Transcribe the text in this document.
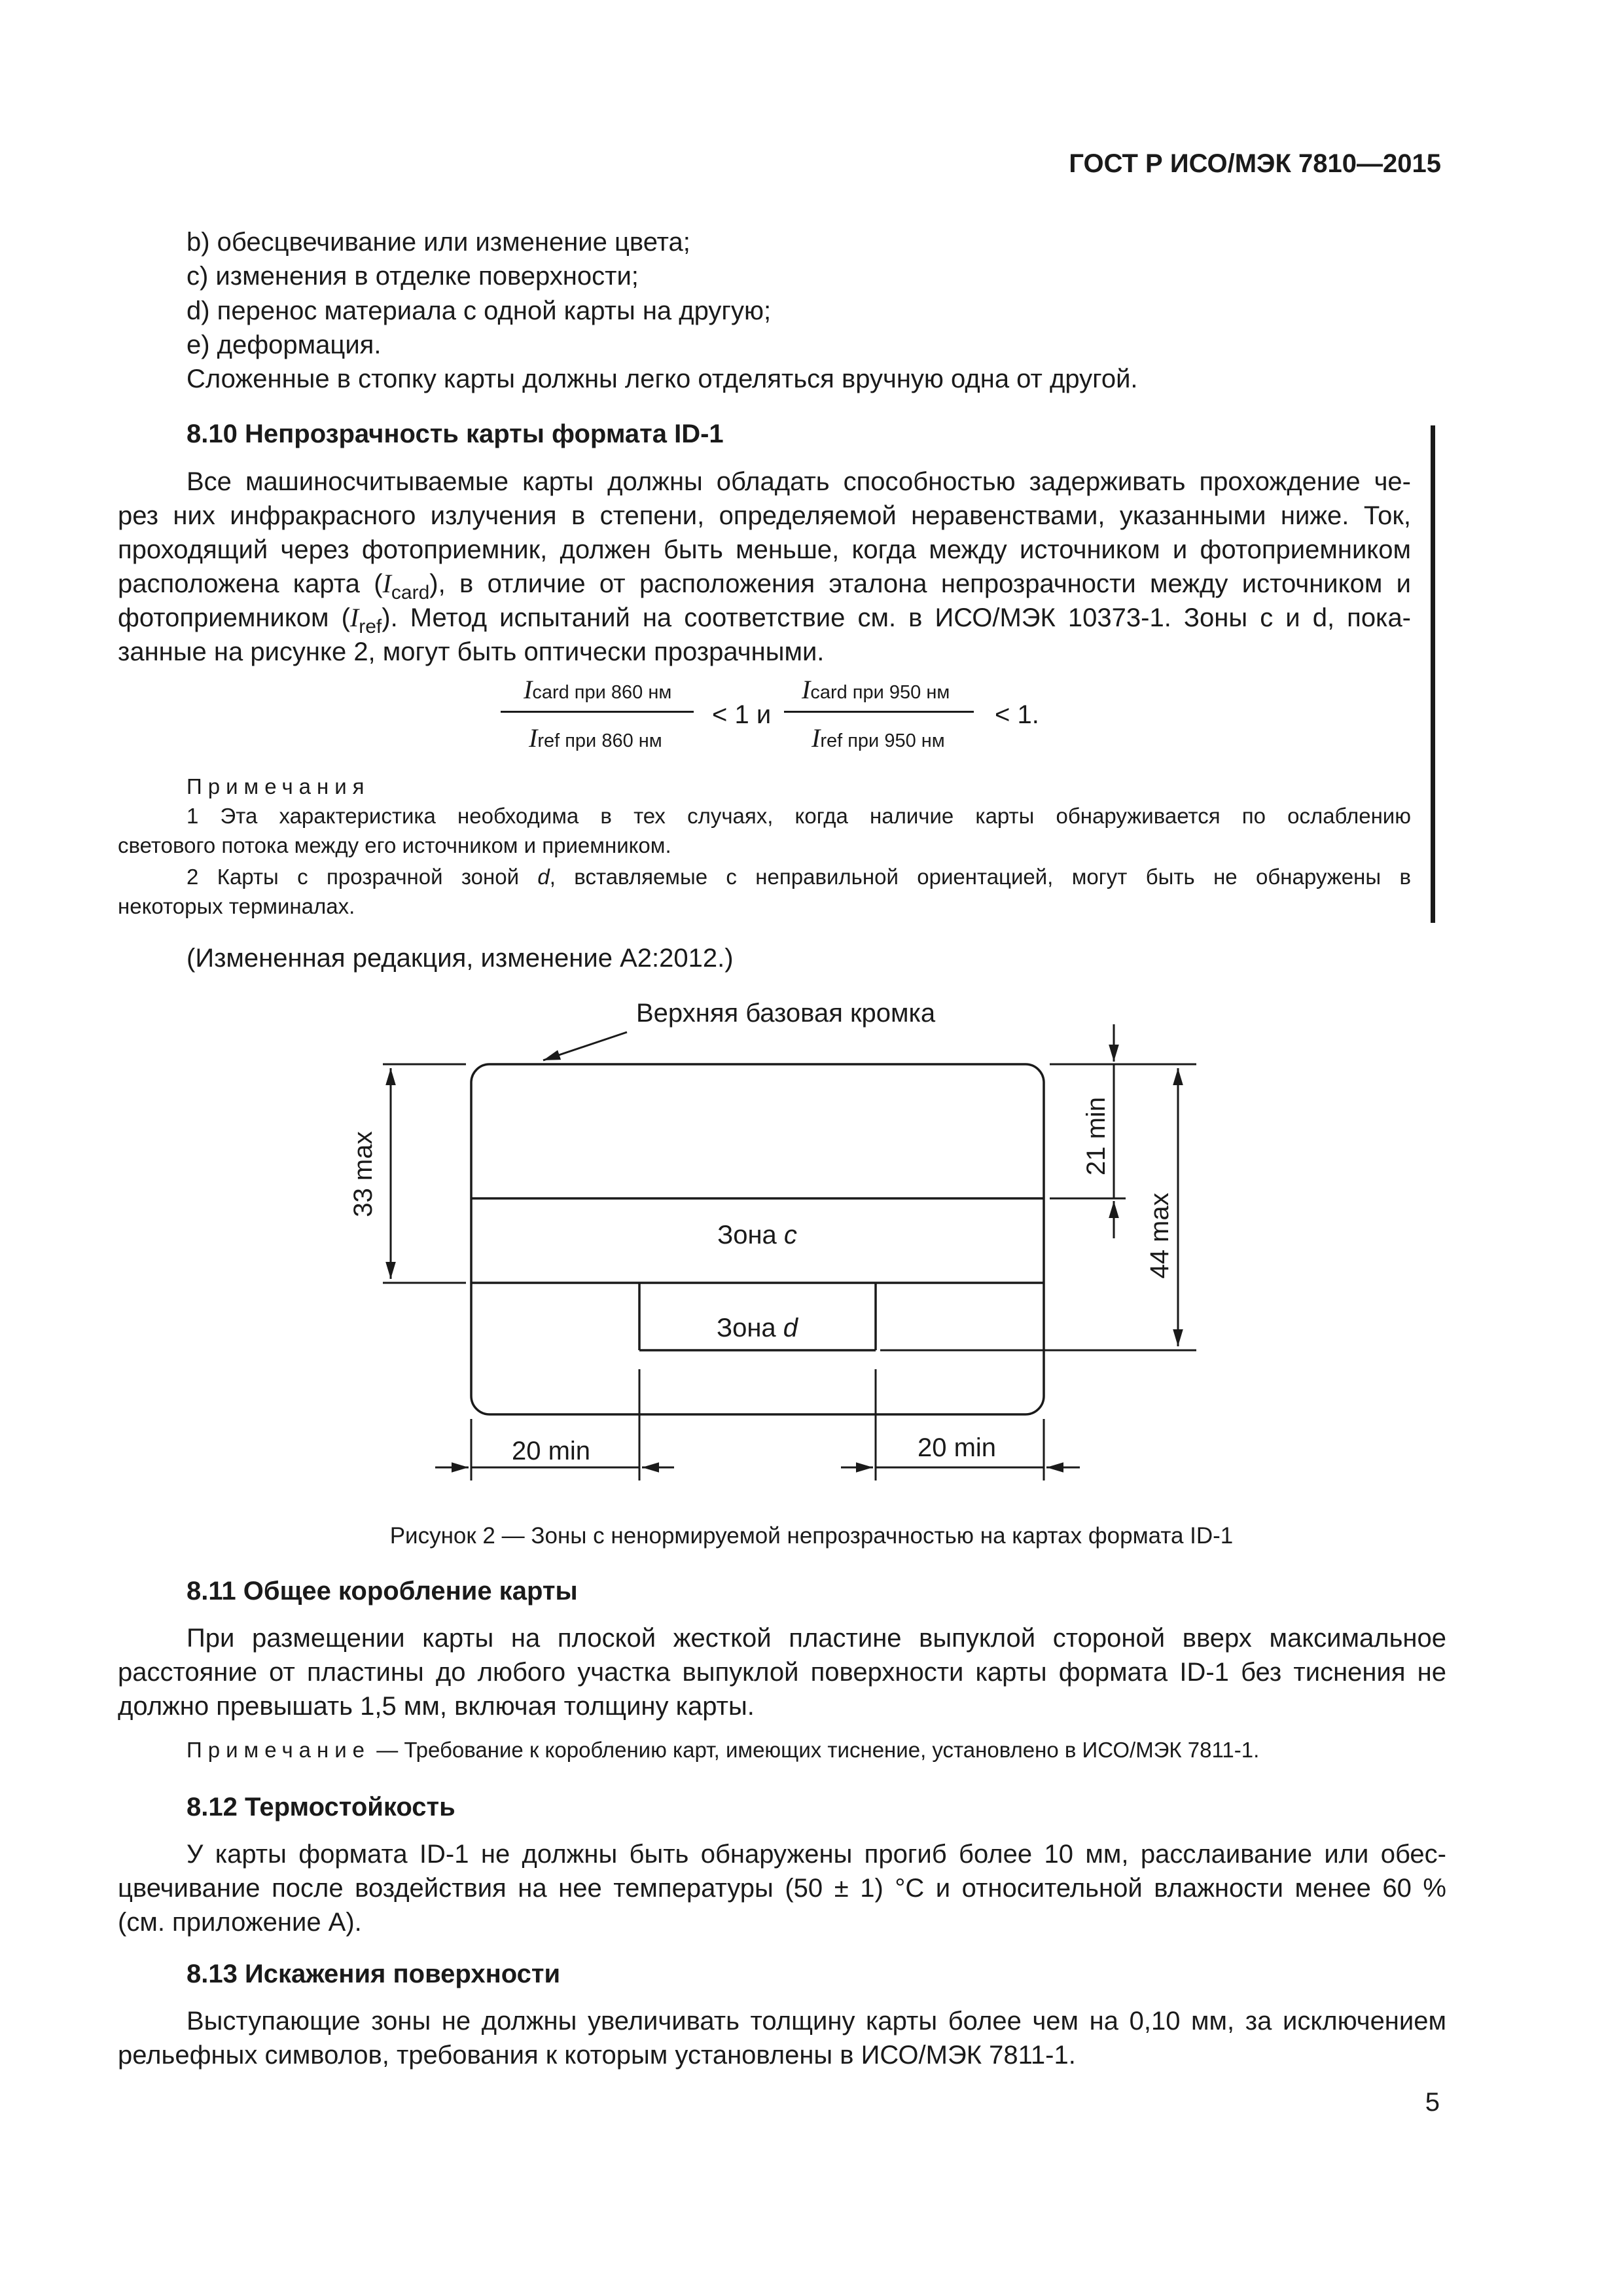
ГОСТ Р ИСО/МЭК 7810—2015
b) обесцвечивание или изменение цвета;
c) изменения в отделке поверхности;
d) перенос материала с одной карты на другую;
e) деформация.
Сложенные в стопку карты должны легко отделяться вручную одна от другой.
8.10 Непрозрачность карты формата ID-1
Все машиносчитываемые карты должны обладать способностью задерживать прохождение че-
рез них инфракрасного излучения в степени, определяемой неравенствами, указанными ниже. Ток,
проходящий через фотоприемник, должен быть меньше, когда между источником и фотоприемником
расположена карта $(I_{card})$, в отличие от расположения эталона непрозрачности между источником и
фотоприемником $(I_{ref})$. Метод испытаний на соответствие см. в ИСО/МЭК 10373-1. Зоны c и d, пока-
занные на рисунке 2, могут быть оптически прозрачными.
Icard при 860 нм
Iref при 860 нм
< 1 и
Icard при 950 нм
Iref при 950 нм
< 1.
Примечания
1 Эта характеристика необходима в тех случаях, когда наличие карты обнаруживается по ослаблению
светового потока между его источником и приемником.
2 Карты с прозрачной зоной d, вставляемые с неправильной ориентацией, могут быть не обнаружены в
некоторых терминалах.
(Измененная редакция, изменение А2:2012.)
Зона c
Зона d
Верхняя базовая кромка
33 max	21 min
44 max
20 min	20 min
Рисунок 2 — Зоны с ненормируемой непрозрачностью на картах формата ID-1
8.11 Общее коробление карты
При размещении карты на плоской жесткой пластине выпуклой стороной вверх максимальное
расстояние от пластины до любого участка выпуклой поверхности карты формата ID-1 без тиснения не
должно превышать 1,5 мм, включая толщину карты.
Примечание — Требование к короблению карт, имеющих тиснение, установлено в ИСО/МЭК 7811-1.
8.12 Термостойкость
У карты формата ID-1 не должны быть обнаружены прогиб более 10 мм, расслаивание или обес-
цвечивание после воздействия на нее температуры (50 ± 1) °С и относительной влажности менее 60 %
(см. приложение А).
8.13 Искажения поверхности
Выступающие зоны не должны увеличивать толщину карты более чем на 0,10 мм, за исключением
рельефных символов, требования к которым установлены в ИСО/МЭК 7811-1.
5
